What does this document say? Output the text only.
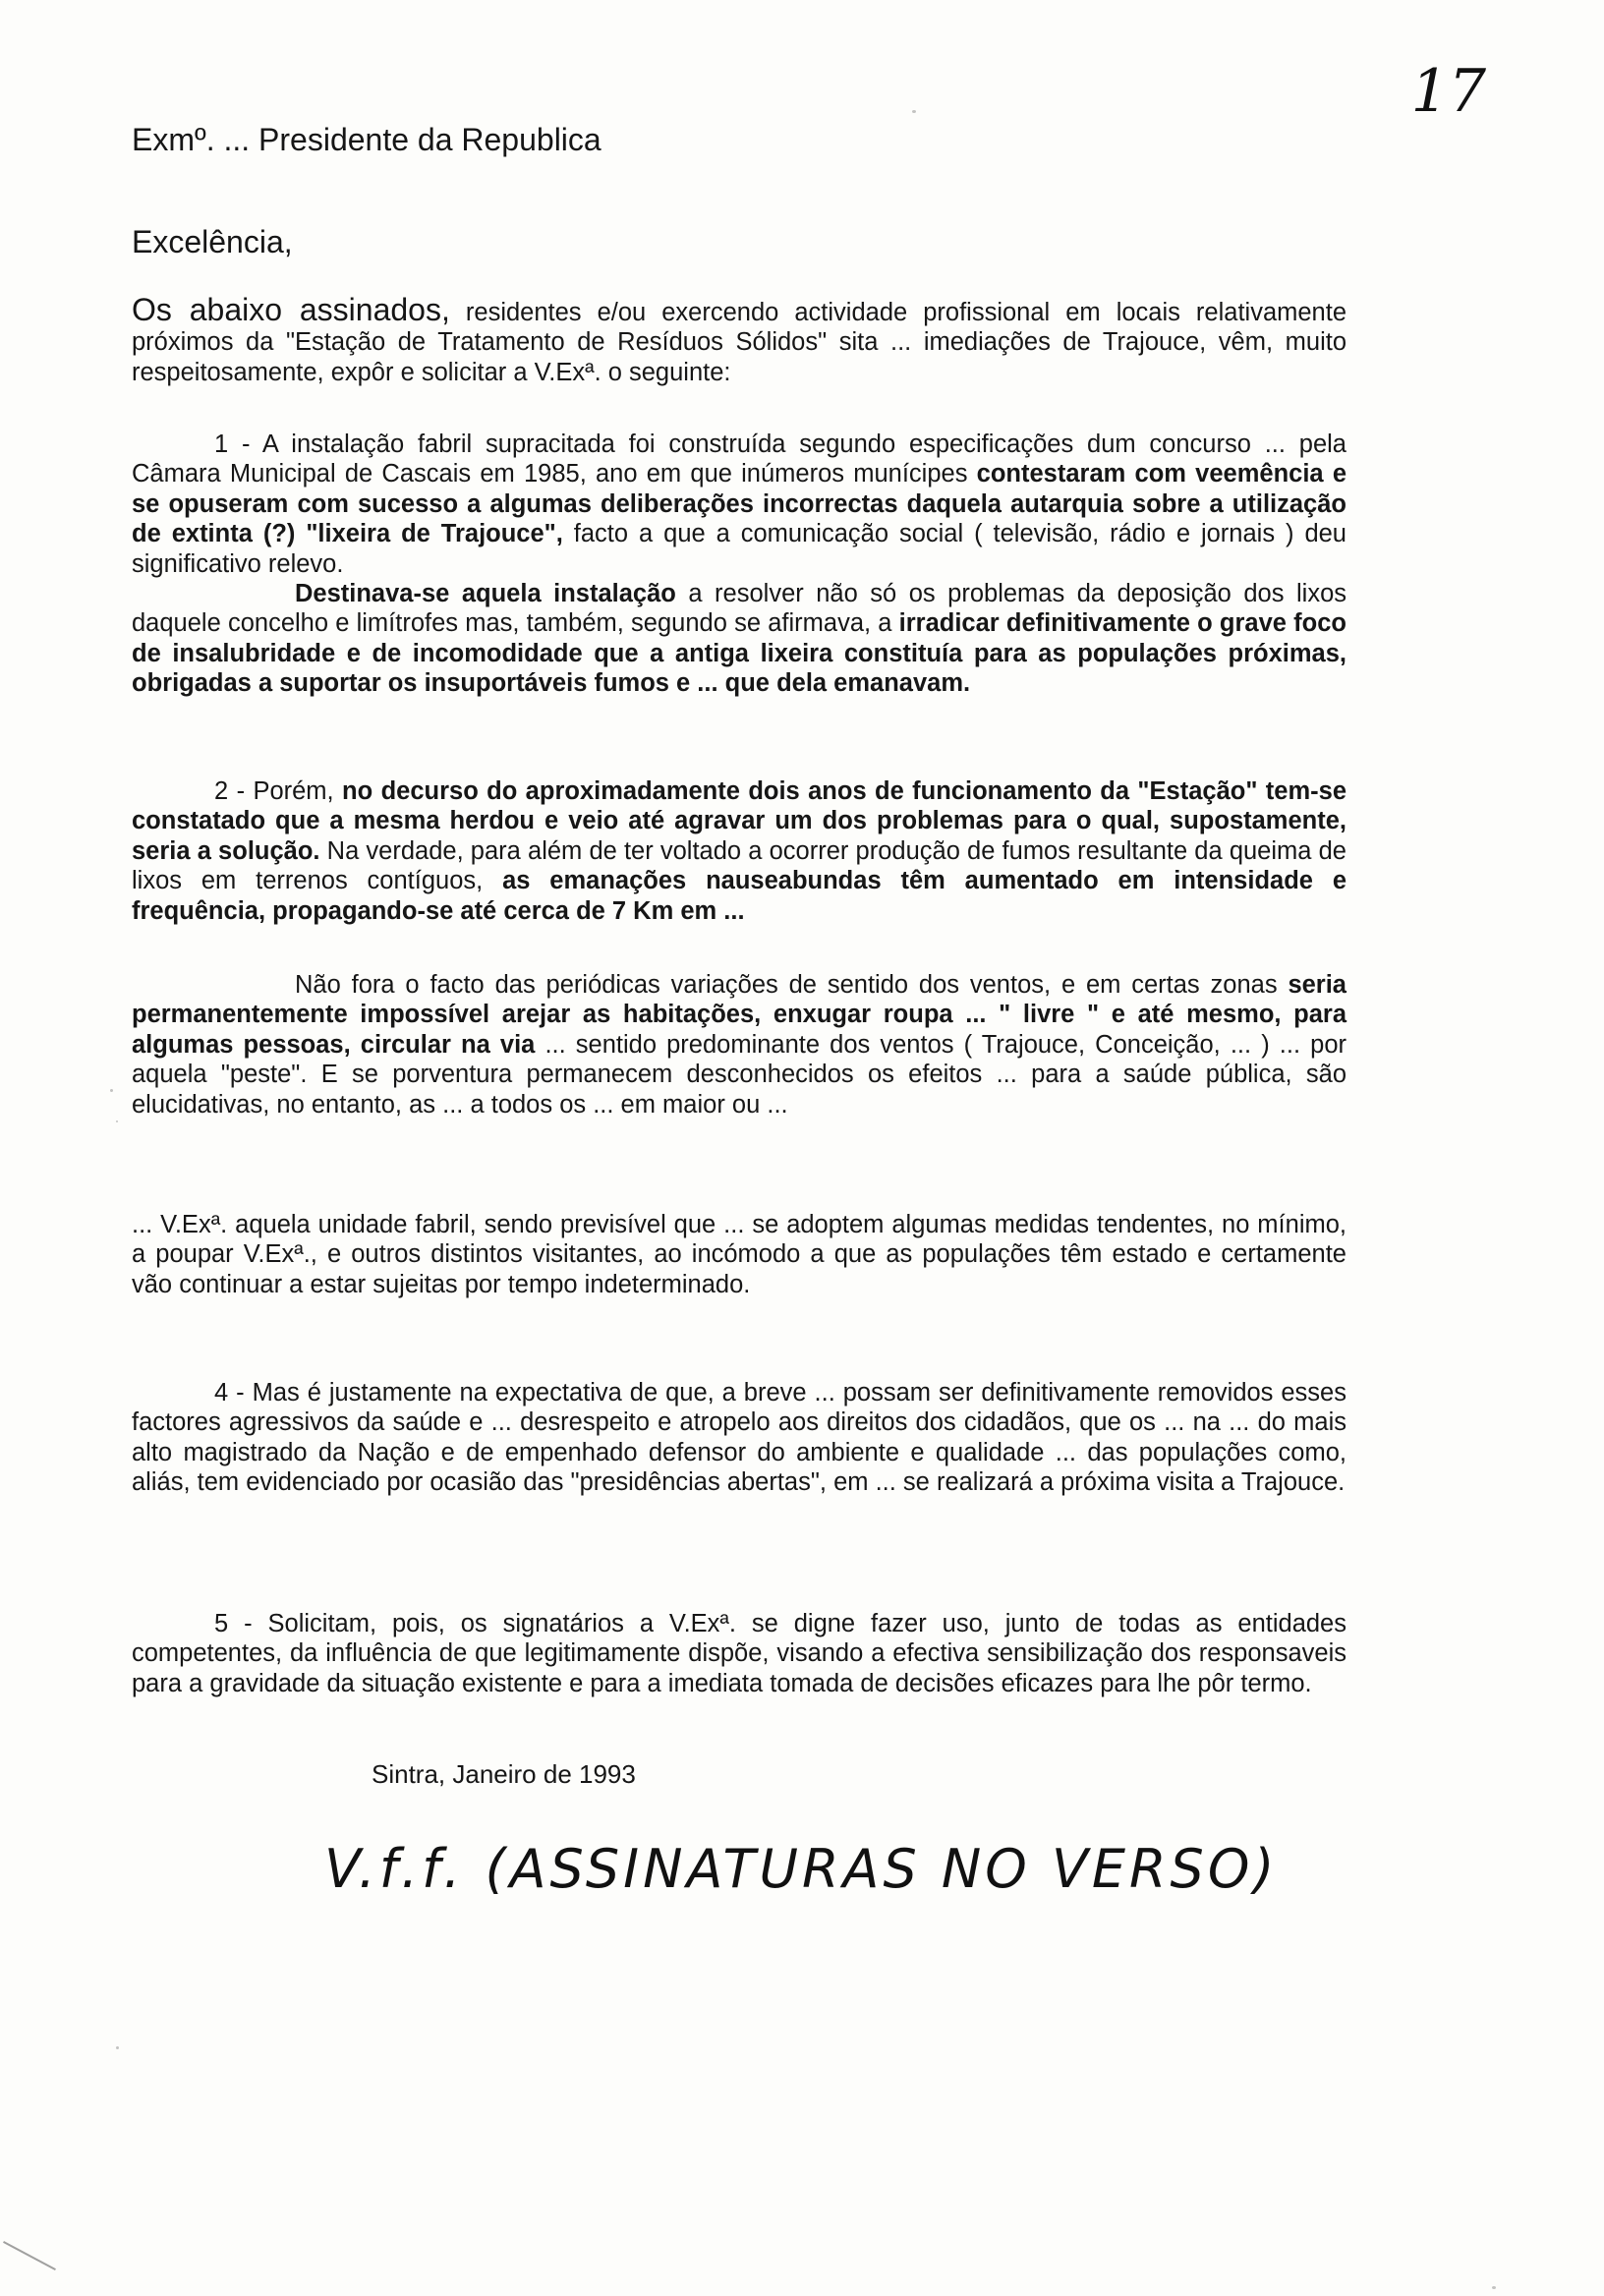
17
Exmº. ... Presidente da Republica
Excelência,

Os abaixo assinados, residentes e/ou exercendo actividade profissional em locais relativamente próximos da "Estação de Tratamento de Resíduos Sólidos" sita ... imediações de Trajouce, vêm, muito respeitosamente, expôr e solicitar a V.Exª. o seguinte:

1 - A instalação fabril supracitada foi construída segundo especificações dum concurso ... pela Câmara Municipal de Cascais em 1985, ano em que inúmeros munícipes contestaram com veemência e se opuseram com sucesso a algumas deliberações incorrectas daquela autarquia sobre a utilização de extinta (?) "lixeira de Trajouce", facto a que a comunicação social ( televisão, rádio e jornais ) deu significativo relevo.

Destinava-se aquela instalação a resolver não só os problemas da deposição dos lixos daquele concelho e limítrofes mas, também, segundo se afirmava, a irradicar definitivamente o grave foco de insalubridade e de incomodidade que a antiga lixeira constituía para as populações próximas, obrigadas a suportar os insuportáveis fumos e ... que dela emanavam.

2 - Porém, no decurso do aproximadamente dois anos de funcionamento da "Estação" tem-se constatado que a mesma herdou e veio até agravar um dos problemas para o qual, supostamente, seria a solução. Na verdade, para além de ter voltado a ocorrer produção de fumos resultante da queima de lixos em terrenos contíguos, as emanações nauseabundas têm aumentado em intensidade e frequência, propagando-se até cerca de 7 Km em ...

Não fora o facto das periódicas variações de sentido dos ventos, e em certas zonas seria permanentemente impossível arejar as habitações, enxugar roupa ... " livre " e até mesmo, para algumas pessoas, circular na via ... sentido predominante dos ventos ( Trajouce, Conceição, ... ) ... por aquela "peste". E se porventura permanecem desconhecidos os efeitos ... para a saúde pública, são elucidativas, no entanto, as ... a todos os ... em maior ou ...

... V.Exª. aquela unidade fabril, sendo previsível que ... se adoptem algumas medidas tendentes, no mínimo, a poupar V.Exª., e outros distintos visitantes, ao incómodo a que as populações têm estado e certamente vão continuar a estar sujeitas por tempo indeterminado.

4 - Mas é justamente na expectativa de que, a breve ... possam ser definitivamente removidos esses factores agressivos da saúde e ... desrespeito e atropelo aos direitos dos cidadãos, que os ... na ... do mais alto magistrado da Nação e de empenhado defensor do ambiente e qualidade ... das populações como, aliás, tem evidenciado por ocasião das "presidências abertas", em ... se realizará a próxima visita a Trajouce.

5 - Solicitam, pois, os signatários a V.Exª. se digne fazer uso, junto de todas as entidades competentes, da influência de que legitimamente dispõe, visando a efectiva sensibilização dos responsaveis para a gravidade da situação existente e para a imediata tomada de decisões eficazes para lhe pôr termo.

Sintra, Janeiro de 1993
V.f.f. (ASSINATURAS NO VERSO)
